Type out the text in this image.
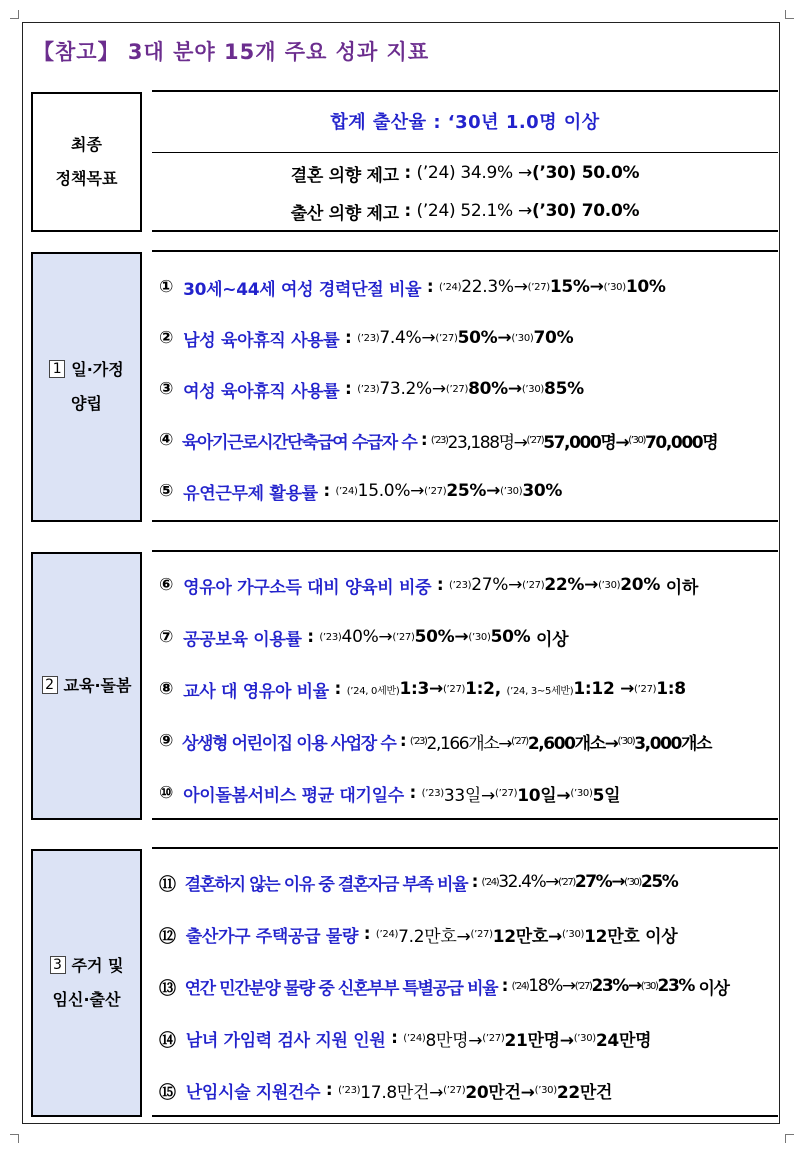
【참고】 3대 분야 15개 주요 성과 지표
최종
정책목표
합계 출산율 : ‘30년 1.0명 이상
결혼 의향 제고 : (’24) 34.9% → (’30) 50.0%
출산 의향 제고 : (’24) 52.1% → (’30) 70.0%
1 일·가정
양립
① 30세~44세 여성 경력단절 비율 : (’24) 22.3%→ (’27) 15%→ (’30) 10%
② 남성 육아휴직 사용률 : (’23) 7.4%→ (’27) 50%→ (’30) 70%
③ 여성 육아휴직 사용률 : (’23) 73.2%→ (’27) 80%→ (’30) 85%
④ 육아기근로시간단축급여 수급자 수 : (’23) 23,188명→ (’27) 57,000명→ (’30) 70,000명
⑤ 유연근무제 활용률 : (’24) 15.0%→ (’27) 25%→ (’30) 30%
2 교육·돌봄
⑥ 영유아 가구소득 대비 양육비 비중 : (’23) 27%→ (’27) 22%→ (’30) 20% 이하
⑦ 공공보육 이용률 : (’23) 40%→ (’27) 50%→ (’30) 50% 이상
⑧ 교사 대 영유아 비율 : (’24, 0세반) 1:3→ (’27) 1:2, (’24, 3~5세반) 1:12 → (’27) 1:8
⑨ 상생형 어린이집 이용 사업장 수 : (’23) 2,166개소→ (’27) 2,600개소→ (’30) 3,000개소
⑩ 아이돌봄서비스 평균 대기일수 : (’23) 33일→ (’27) 10일→ (’30) 5일
3 주거 및
임신·출산
⑪ 결혼하지 않는 이유 중 결혼자금 부족 비율 : (’24) 32.4%→ (’27) 27%→ (’30) 25%
⑫ 출산가구 주택공급 물량 : (’24) 7.2만호→ (’27) 12만호→ (’30) 12만호 이상
⑬ 연간 민간분양 물량 중 신혼부부 특별공급 비율 : (’24) 18%→ (’27) 23%→ (’30) 23% 이상
⑭ 남녀 가임력 검사 지원 인원 : (’24) 8만명→ (’27) 21만명→ (’30) 24만명
⑮ 난임시술 지원건수 : (’23) 17.8만건→ (’27) 20만건→ (’30) 22만건
